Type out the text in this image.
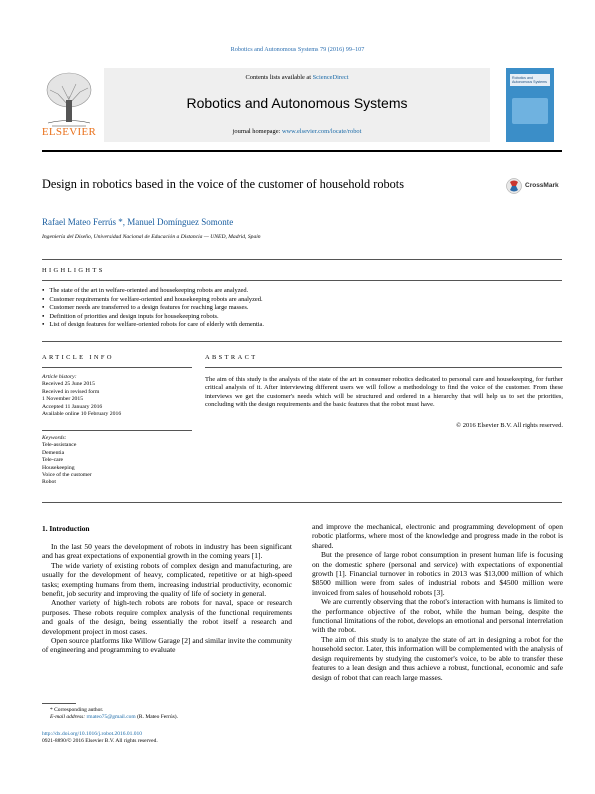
Robotics and Autonomous Systems 79 (2016) 99–107
ELSEVIER
Contents lists available at ScienceDirect
Robotics and Autonomous Systems
journal homepage: www.elsevier.com/locate/robot
Robotics and Autonomous Systems
Design in robotics based in the voice of the customer of household robots	CrossMark
Rafael Mateo Ferrús *, Manuel Domínguez Somonte
Ingeniería del Diseño, Universidad Nacional de Educación a Distancia — UNED, Madrid, Spain
HIGHLIGHTS
● The state of the art in welfare-oriented and housekeeping robots are analyzed.
● Customer requirements for welfare-oriented and housekeeping robots are analyzed.
● Customer needs are transferred to a design features for reaching large masses.
● Definition of priorities and design inputs for housekeeping robots.
● List of design features for welfare-oriented robots for care of elderly with dementia.
ARTICLE INFO
Article history:
Received 25 June 2015
Received in revised form
1 November 2015
Accepted 11 January 2016
Available online 10 February 2016
Keywords:
Tele-assistance
Dementia
Tele-care
Housekeeping
Voice of the customer
Robot
ABSTRACT
The aim of this study is the analysis of the state of the art in consumer robotics dedicated to personal care and housekeeping, for further critical analysis of it. After interviewing different users we will follow a methodology to find the voice of the customer. From these interviews we get the customer's needs which will be structured and ordered in a hierarchy that will help us to set the priorities, concluding with the design requirements and the basic features that the robot must have.
© 2016 Elsevier B.V. All rights reserved.
1. Introduction

In the last 50 years the development of robots in industry has been significant and has great expectations of exponential growth in the coming years [1].

The wide variety of existing robots of complex design and manufacturing, are usually for the development of heavy, complicated, repetitive or at high-speed tasks; exempting humans from them, increasing industrial productivity, economic benefit, job security and improving the quality of life of society in general.

Another variety of high-tech robots are robots for naval, space or research purposes. These robots require complex analysis of the functional requirements and goals of the design, being essentially the robot itself a research and development project in most cases.

Open source platforms like Willow Garage [2] and similar invite the community of engineering and programming to evaluate

and improve the mechanical, electronic and programming development of open robotic platforms, where most of the knowledge and progress made in the robot is shared.

But the presence of large robot consumption in present human life is focusing on the domestic sphere (personal and service) with expectations of exponential growth [1]. Financial turnover in robotics in 2013 was $13,000 million of which $8500 million were from sales of industrial robots and $4500 million were invoiced from sales of household robots [3].

We are currently observing that the robot's interaction with humans is limited to the performance objective of the robot, while the human being, despite the functional limitations of the robot, develops an emotional and personal interrelation with the robot.

The aim of this study is to analyze the state of art in designing a robot for the household sector. Later, this information will be complemented with the analysis of design requirements by studying the customer's voice, to be able to transfer these features to a lean design and thus achieve a robust, functional, economic and safe design of robot that can reach large masses.

* Corresponding author.
E-mail address: rmateo75@gmail.com (R. Mateo Ferrús).
http://dx.doi.org/10.1016/j.robot.2016.01.010
0921-8890/© 2016 Elsevier B.V. All rights reserved.
